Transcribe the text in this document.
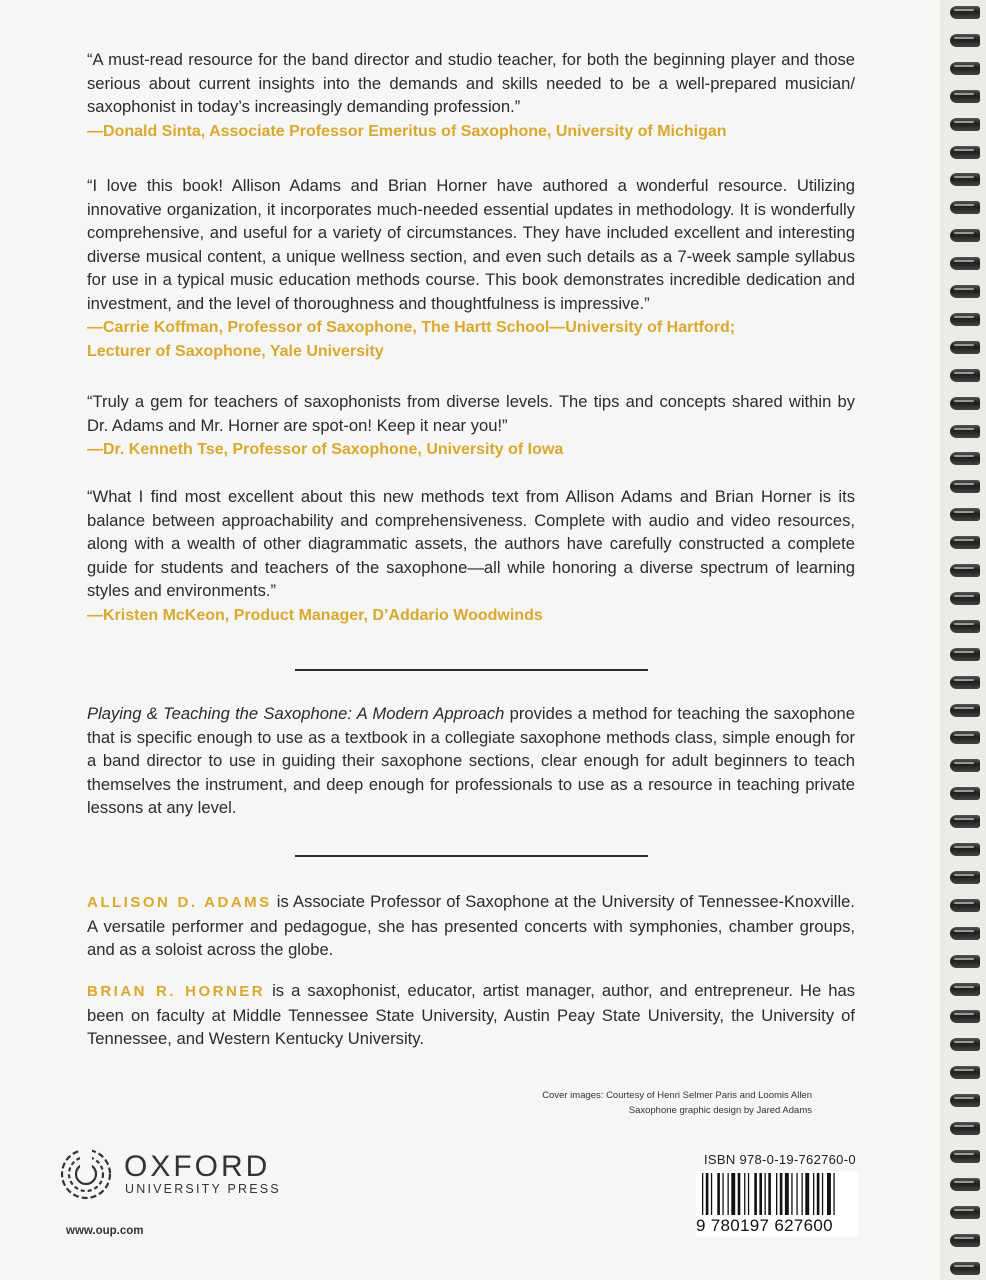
“A must-read resource for the band director and studio teacher, for both the beginning player and those serious about current insights into the demands and skills needed to be a well-prepared musician/ saxophonist in today’s increasingly demanding profession.”

—Donald Sinta, Associate Professor Emeritus of Saxophone, University of Michigan

“I love this book! Allison Adams and Brian Horner have authored a wonderful resource. Utilizing innovative organization, it incorporates much-needed essential updates in methodology. It is wonderfully comprehensive, and useful for a variety of circumstances. They have included excellent and interesting diverse musical content, a unique wellness section, and even such details as a 7-week sample syllabus for use in a typical music education methods course. This book demonstrates incredible dedication and investment, and the level of thoroughness and thoughtfulness is impressive.”

—Carrie Koffman, Professor of Saxophone, The Hartt School—University of Hartford;
Lecturer of Saxophone, Yale University

“Truly a gem for teachers of saxophonists from diverse levels. The tips and concepts shared within by Dr. Adams and Mr. Horner are spot-on! Keep it near you!”

—Dr. Kenneth Tse, Professor of Saxophone, University of Iowa

“What I find most excellent about this new methods text from Allison Adams and Brian Horner is its balance between approachability and comprehensiveness. Complete with audio and video resources, along with a wealth of other diagrammatic assets, the authors have carefully constructed a complete guide for students and teachers of the saxophone—all while honoring a diverse spectrum of learning styles and environments.”

—Kristen McKeon, Product Manager, D’Addario Woodwinds
Playing & Teaching the Saxophone: A Modern Approach provides a method for teaching the saxophone that is specific enough to use as a textbook in a collegiate saxophone methods class, simple enough for a band director to use in guiding their saxophone sections, clear enough for adult beginners to teach themselves the instrument, and deep enough for professionals to use as a resource in teaching private lessons at any level.
ALLISON D. ADAMS is Associate Professor of Saxophone at the University of Tennessee-Knoxville. A versatile performer and pedagogue, she has presented concerts with symphonies, chamber groups, and as a soloist across the globe.
BRIAN R. HORNER is a saxophonist, educator, artist manager, author, and entrepreneur. He has been on faculty at Middle Tennessee State University, Austin Peay State University, the University of Tennessee, and Western Kentucky University.
Cover images: Courtesy of Henri Selmer Paris and Loomis Allen
Saxophone graphic design by Jared Adams
OXFORD
UNIVERSITY PRESS
www.oup.com
ISBN 978-0-19-762760-0
9 780197 627600
